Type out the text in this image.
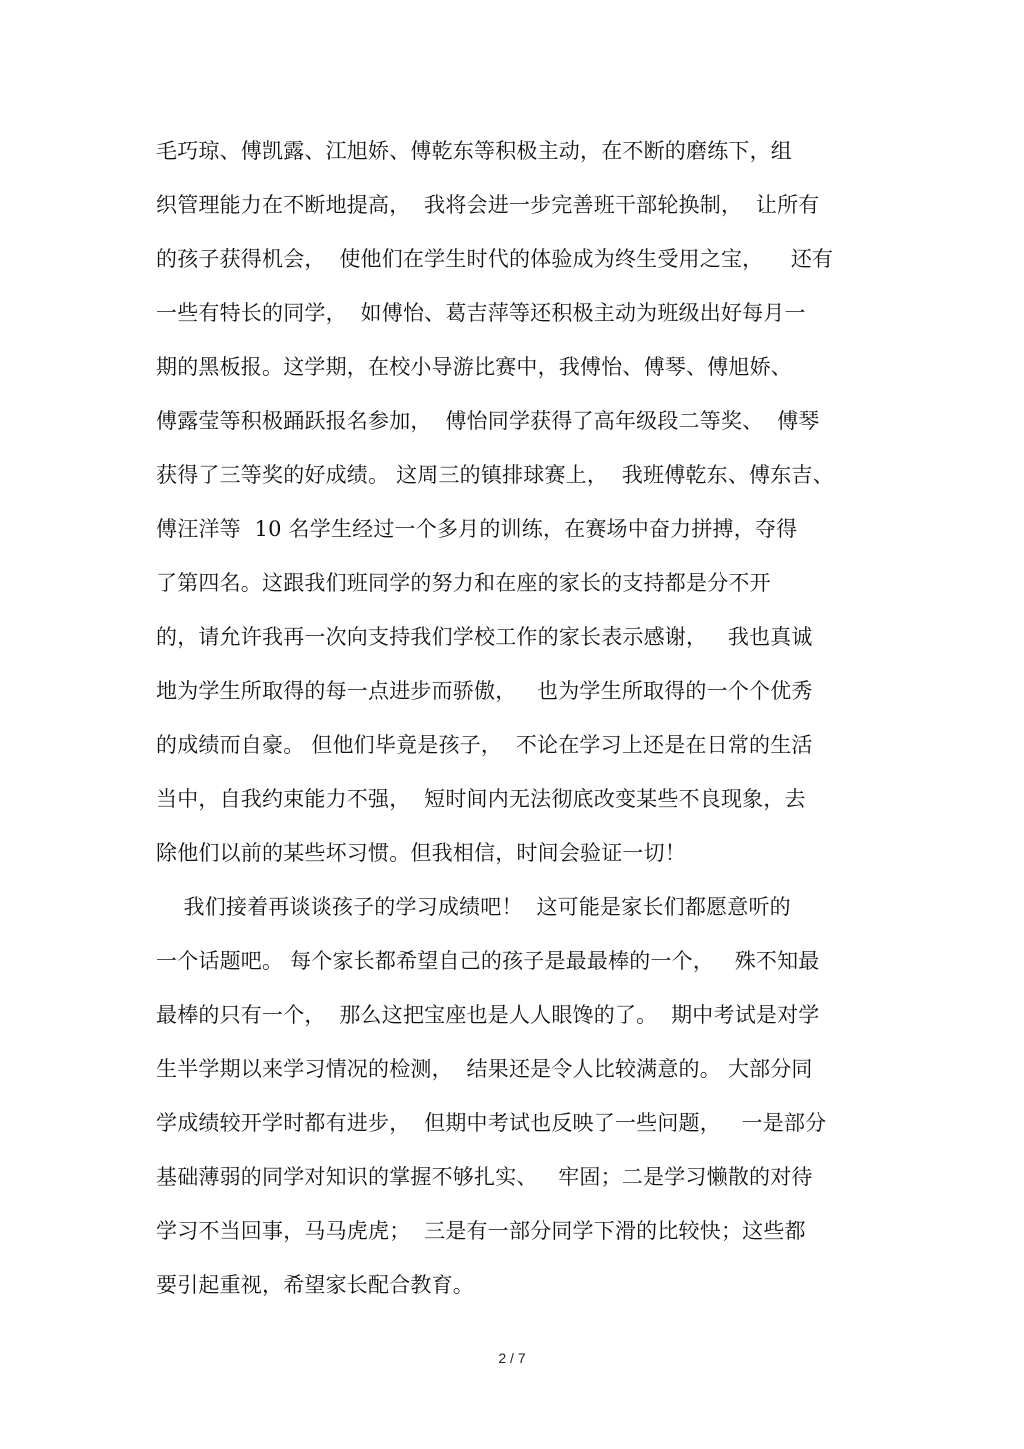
毛巧琼、傅凯露、江旭娇、傅乾东等积极主动，在不断的磨练下，组
织管理能力在不断地提高，  我将会进一步完善班干部轮换制，  让所有
的孩子获得机会，  使他们在学生时代的体验成为终生受用之宝，    还有
一些有特长的同学，  如傅怡、葛吉萍等还积极主动为班级出好每月一
期的黑板报。这学期，在校小导游比赛中，我傅怡、傅琴、傅旭娇、
傅露莹等积极踊跃报名参加，  傅怡同学获得了高年级段二等奖、  傅琴
获得了三等奖的好成绩。 这周三的镇排球赛上，  我班傅乾东、傅东吉、
傅汪洋等  10 名学生经过一个多月的训练，在赛场中奋力拼搏，夺得
了第四名。这跟我们班同学的努力和在座的家长的支持都是分不开
的，请允许我再一次向支持我们学校工作的家长表示感谢，   我也真诚
地为学生所取得的每一点进步而骄傲，   也为学生所取得的一个个优秀
的成绩而自豪。 但他们毕竟是孩子，  不论在学习上还是在日常的生活
当中，自我约束能力不强，  短时间内无法彻底改变某些不良现象，去
除他们以前的某些坏习惯。但我相信，时间会验证一切！
我们接着再谈谈孩子的学习成绩吧！  这可能是家长们都愿意听的
一个话题吧。 每个家长都希望自己的孩子是最最棒的一个，   殊不知最
最棒的只有一个，  那么这把宝座也是人人眼馋的了。  期中考试是对学
生半学期以来学习情况的检测，  结果还是令人比较满意的。 大部分同
学成绩较开学时都有进步，  但期中考试也反映了一些问题，   一是部分
基础薄弱的同学对知识的掌握不够扎实、   牢固；二是学习懒散的对待
学习不当回事，马马虎虎；  三是有一部分同学下滑的比较快；这些都
要引起重视，希望家长配合教育。
2 / 7
